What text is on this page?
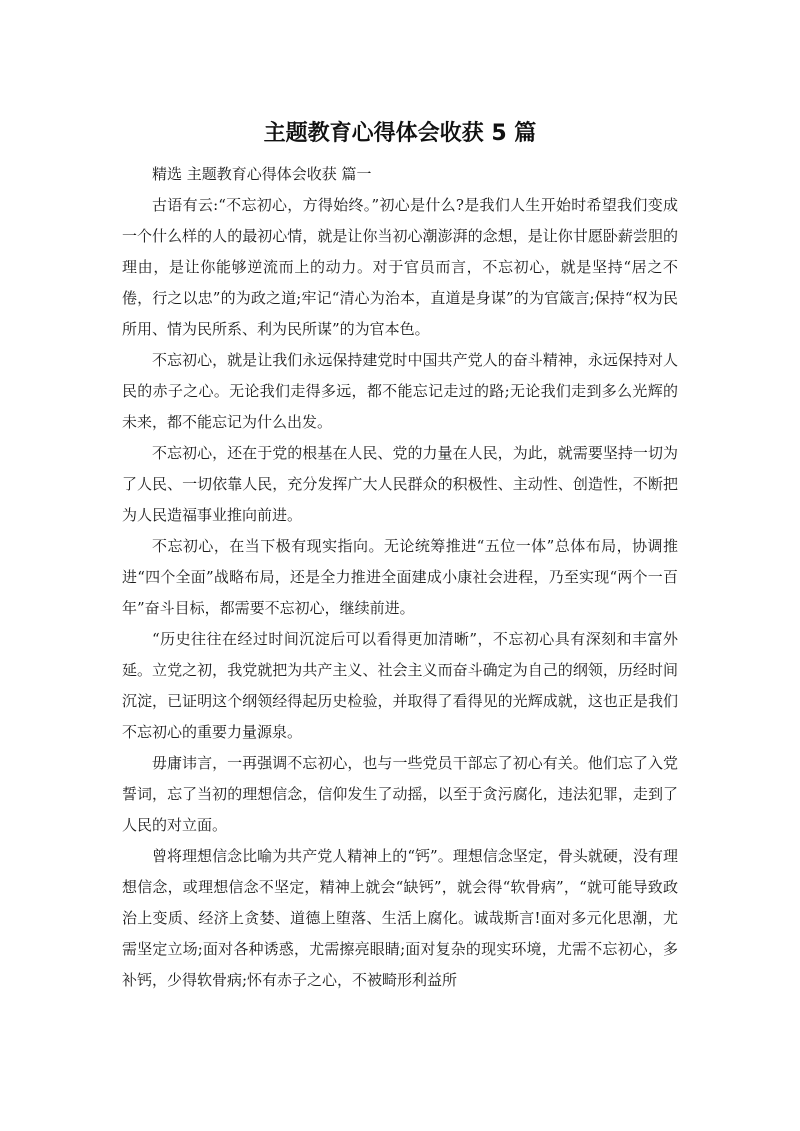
主题教育心得体会收获 5 篇

精选 主题教育心得体会收获 篇一

古语有云:“不忘初心，方得始终。”初心是什么?是我们人生开始时希望我们变成一个什么样的人的最初心情，就是让你当初心潮澎湃的念想，是让你甘愿卧薪尝胆的理由，是让你能够逆流而上的动力。对于官员而言，不忘初心，就是坚持“居之不倦，行之以忠”的为政之道;牢记“清心为治本，直道是身谋”的为官箴言;保持“权为民所用、情为民所系、利为民所谋”的为官本色。

不忘初心，就是让我们永远保持建党时中国共产党人的奋斗精神，永远保持对人民的赤子之心。无论我们走得多远，都不能忘记走过的路;无论我们走到多么光辉的未来，都不能忘记为什么出发。

不忘初心，还在于党的根基在人民、党的力量在人民，为此，就需要坚持一切为了人民、一切依靠人民，充分发挥广大人民群众的积极性、主动性、创造性，不断把为人民造福事业推向前进。

不忘初心，在当下极有现实指向。无论统筹推进“五位一体”总体布局，协调推进“四个全面”战略布局，还是全力推进全面建成小康社会进程，乃至实现“两个一百年”奋斗目标，都需要不忘初心，继续前进。

“历史往往在经过时间沉淀后可以看得更加清晰”，不忘初心具有深刻和丰富外延。立党之初，我党就把为共产主义、社会主义而奋斗确定为自己的纲领，历经时间沉淀，已证明这个纲领经得起历史检验，并取得了看得见的光辉成就，这也正是我们不忘初心的重要力量源泉。

毋庸讳言，一再强调不忘初心，也与一些党员干部忘了初心有关。他们忘了入党誓词，忘了当初的理想信念，信仰发生了动摇，以至于贪污腐化，违法犯罪，走到了人民的对立面。

曾将理想信念比喻为共产党人精神上的“钙”。理想信念坚定，骨头就硬，没有理想信念，或理想信念不坚定，精神上就会“缺钙”，就会得“软骨病”，“就可能导致政治上变质、经济上贪婪、道德上堕落、生活上腐化。诚哉斯言!面对多元化思潮，尤需坚定立场;面对各种诱惑，尤需擦亮眼睛;面对复杂的现实环境，尤需不忘初心，多补钙，少得软骨病;怀有赤子之心，不被畸形利益所
